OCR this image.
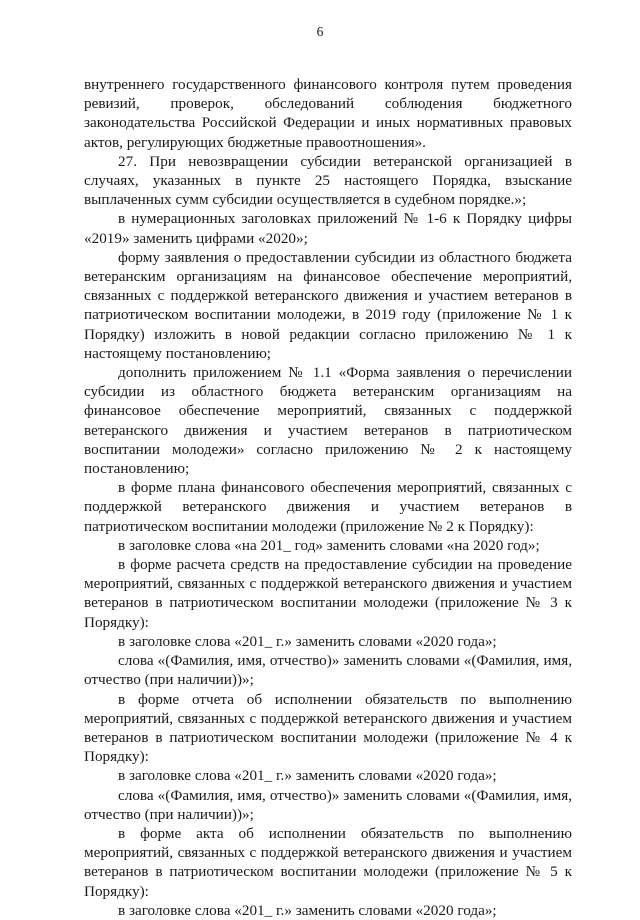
6

внутреннего государственного финансового контроля путем проведения ревизий, проверок, обследований соблюдения бюджетного законодательства Российской Федерации и иных нормативных правовых актов, регулирующих бюджетные правоотношения».

27. При невозвращении субсидии ветеранской организацией в случаях, указанных в пункте 25 настоящего Порядка, взыскание выплаченных сумм субсидии осуществляется в судебном порядке.»;

в нумерационных заголовках приложений № 1-6 к Порядку цифры «2019» заменить цифрами «2020»;

форму заявления о предоставлении субсидии из областного бюджета ветеранским организациям на финансовое обеспечение мероприятий, связанных с поддержкой ветеранского движения и участием ветеранов в патриотическом воспитании молодежи, в 2019 году (приложение № 1 к Порядку) изложить в новой редакции согласно приложению № 1 к настоящему постановлению;

дополнить приложением № 1.1 «Форма заявления о перечислении субсидии из областного бюджета ветеранским организациям на финансовое обеспечение мероприятий, связанных с поддержкой ветеранского движения и участием ветеранов в патриотическом воспитании молодежи» согласно приложению № 2 к настоящему постановлению;

в форме плана финансового обеспечения мероприятий, связанных с поддержкой ветеранского движения и участием ветеранов в патриотическом воспитании молодежи (приложение № 2 к Порядку):

в заголовке слова «на 201_ год» заменить словами «на 2020 год»;

в форме расчета средств на предоставление субсидии на проведение мероприятий, связанных с поддержкой ветеранского движения и участием ветеранов в патриотическом воспитании молодежи (приложение № 3 к Порядку):

в заголовке слова «201_ г.» заменить словами «2020 года»;

слова «(Фамилия, имя, отчество)» заменить словами «(Фамилия, имя, отчество (при наличии))»;

в форме отчета об исполнении обязательств по выполнению мероприятий, связанных с поддержкой ветеранского движения и участием ветеранов в патриотическом воспитании молодежи (приложение № 4 к Порядку):

в заголовке слова «201_ г.» заменить словами «2020 года»;

слова «(Фамилия, имя, отчество)» заменить словами «(Фамилия, имя, отчество (при наличии))»;

в форме акта об исполнении обязательств по выполнению мероприятий, связанных с поддержкой ветеранского движения и участием ветеранов в патриотическом воспитании молодежи (приложение № 5 к Порядку):

в заголовке слова «201_ г.» заменить словами «2020 года»;
